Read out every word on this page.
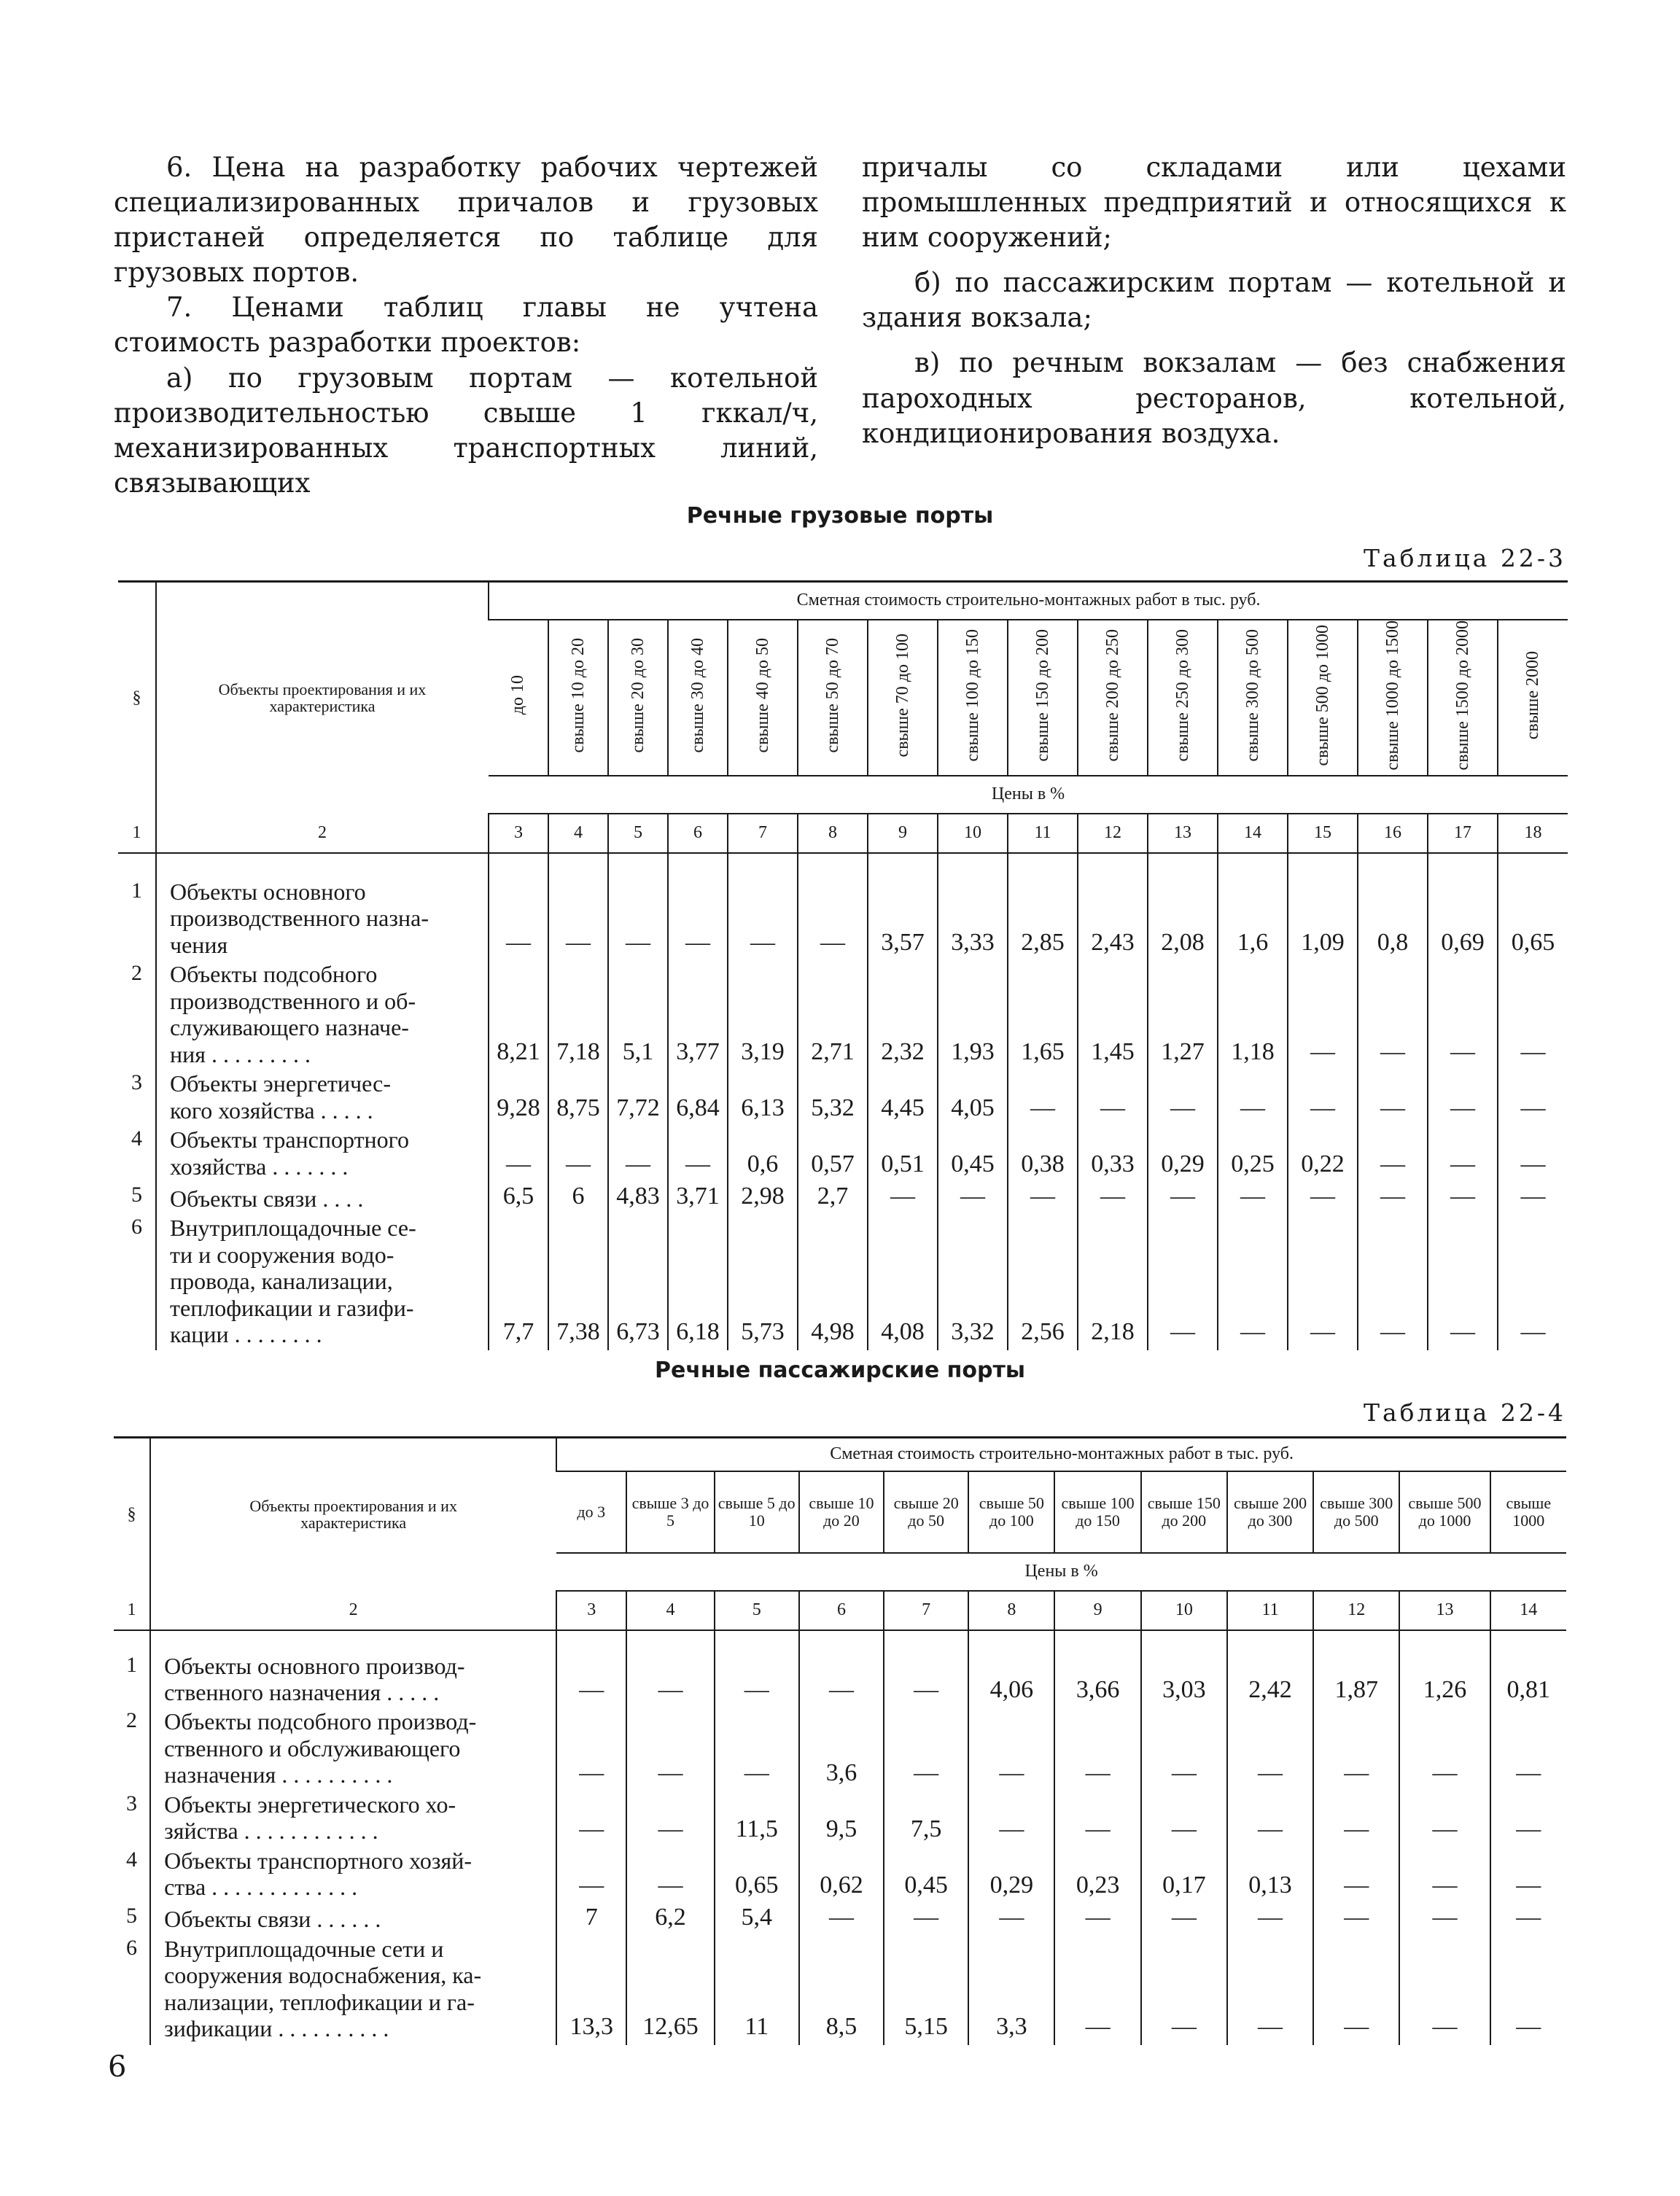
6. Цена на разработку рабочих чертежей специализированных причалов и грузовых пристаней определяется по таблице для грузовых портов.

7. Ценами таблиц главы не учтена стоимость разработки проектов:

а) по грузовым портам — котельной производительностью свыше 1 гккал/ч, механизированных транспортных линий, связывающих

причалы со складами или цехами промышленных предприятий и относящихся к ним сооружений;

б) по пассажирским портам — котельной и здания вокзала;

в) по речным вокзалам — без снабжения пароходных ресторанов, котельной, кондиционирования воздуха.

Речные грузовые порты
Таблица 22-3
§	Объекты проектирования и их характеристика	Сметная стоимость строительно-монтажных работ в тыс. руб.															
		до 10	свыше 10 до 20	свыше 20 до 30	свыше 30 до 40	свыше 40 до 50	свыше 50 до 70	свыше 70 до 100	свыше 100 до 150	свыше 150 до 200	свыше 200 до 250	свыше 250 до 300	свыше 300 до 500	свыше 500 до 1000	свыше 1000 до 1500	свыше 1500 до 2000	свыше 2000
		Цены в %															
1	2	3	4	5	6	7	8	9	10	11	12	13	14	15	16	17	18
1	Объекты основного
производственного назна-
чения	—	—	—	—	—	—	3,57	3,33	2,85	2,43	2,08	1,6	1,09	0,8	0,69	0,65
2	Объекты подсобного
производственного и об-
служивающего назначе-
ния . . . . . . . . .	8,21	7,18	5,1	3,77	3,19	2,71	2,32	1,93	1,65	1,45	1,27	1,18	—	—	—	—
3	Объекты энергетичес-
кого хозяйства . . . . .	9,28	8,75	7,72	6,84	6,13	5,32	4,45	4,05	—	—	—	—	—	—	—	—
4	Объекты транспортного
хозяйства . . . . . . .	—	—	—	—	0,6	0,57	0,51	0,45	0,38	0,33	0,29	0,25	0,22	—	—	—
5	Объекты связи . . . .	6,5	6	4,83	3,71	2,98	2,7	—	—	—	—	—	—	—	—	—	—
6	Внутриплощадочные се-
ти и сооружения водо-
провода, канализации,
теплофикации и газифи-
кации . . . . . . . .	7,7	7,38	6,73	6,18	5,73	4,98	4,08	3,32	2,56	2,18	—	—	—	—	—	—
Речные пассажирские порты
Таблица 22-4
§	Объекты проектирования и их характеристика	Сметная стоимость строительно-монтажных работ в тыс. руб.											
		до 3	свыше 3 до 5	свыше 5 до 10	свыше 10 до 20	свыше 20 до 50	свыше 50 до 100	свыше 100 до 150	свыше 150 до 200	свыше 200 до 300	свыше 300 до 500	свыше 500 до 1000	свыше 1000
		Цены в %											
1	2	3	4	5	6	7	8	9	10	11	12	13	14
1	Объекты основного производ-
ственного назначения . . . . .	—	—	—	—	—	4,06	3,66	3,03	2,42	1,87	1,26	0,81
2	Объекты подсобного производ-
ственного и обслуживающего
назначения . . . . . . . . . .	—	—	—	3,6	—	—	—	—	—	—	—	—
3	Объекты энергетического хо-
зяйства . . . . . . . . . . . .	—	—	11,5	9,5	7,5	—	—	—	—	—	—	—
4	Объекты транспортного хозяй-
ства . . . . . . . . . . . . .	—	—	0,65	0,62	0,45	0,29	0,23	0,17	0,13	—	—	—
5	Объекты связи . . . . . .	7	6,2	5,4	—	—	—	—	—	—	—	—	—
6	Внутриплощадочные сети и
сооружения водоснабжения, ка-
нализации, теплофикации и га-
зификации . . . . . . . . . .	13,3	12,65	11	8,5	5,15	3,3	—	—	—	—	—	—
6
